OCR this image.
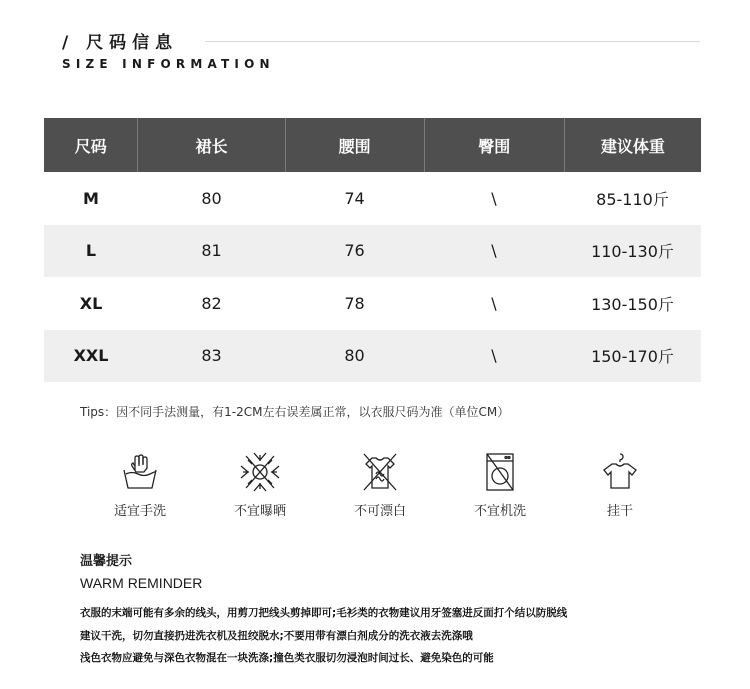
/ 尺码信息
SIZE INFORMATION
尺码	裙长	腰围	臀围	建议体重
M	80	74	\	85-110斤
L	81	76	\	110-130斤
XL	82	78	\	130-150斤
XXL	83	80	\	150-170斤
Tips：因不同手法测量，有1-2CM左右误差属正常，以衣服尺码为准（单位CM）
适宜手洗	不宜曝晒	不可漂白	不宜机洗	挂干
温馨提示
WARM REMINDER
衣服的末端可能有多余的线头，用剪刀把线头剪掉即可;毛衫类的衣物建议用牙签塞进反面打个结以防脱线
建议干洗，切勿直接扔进洗衣机及扭绞脱水;不要用带有漂白剂成分的洗衣液去洗涤哦
浅色衣物应避免与深色衣物混在一块洗涤;撞色类衣服切勿浸泡时间过长、避免染色的可能
